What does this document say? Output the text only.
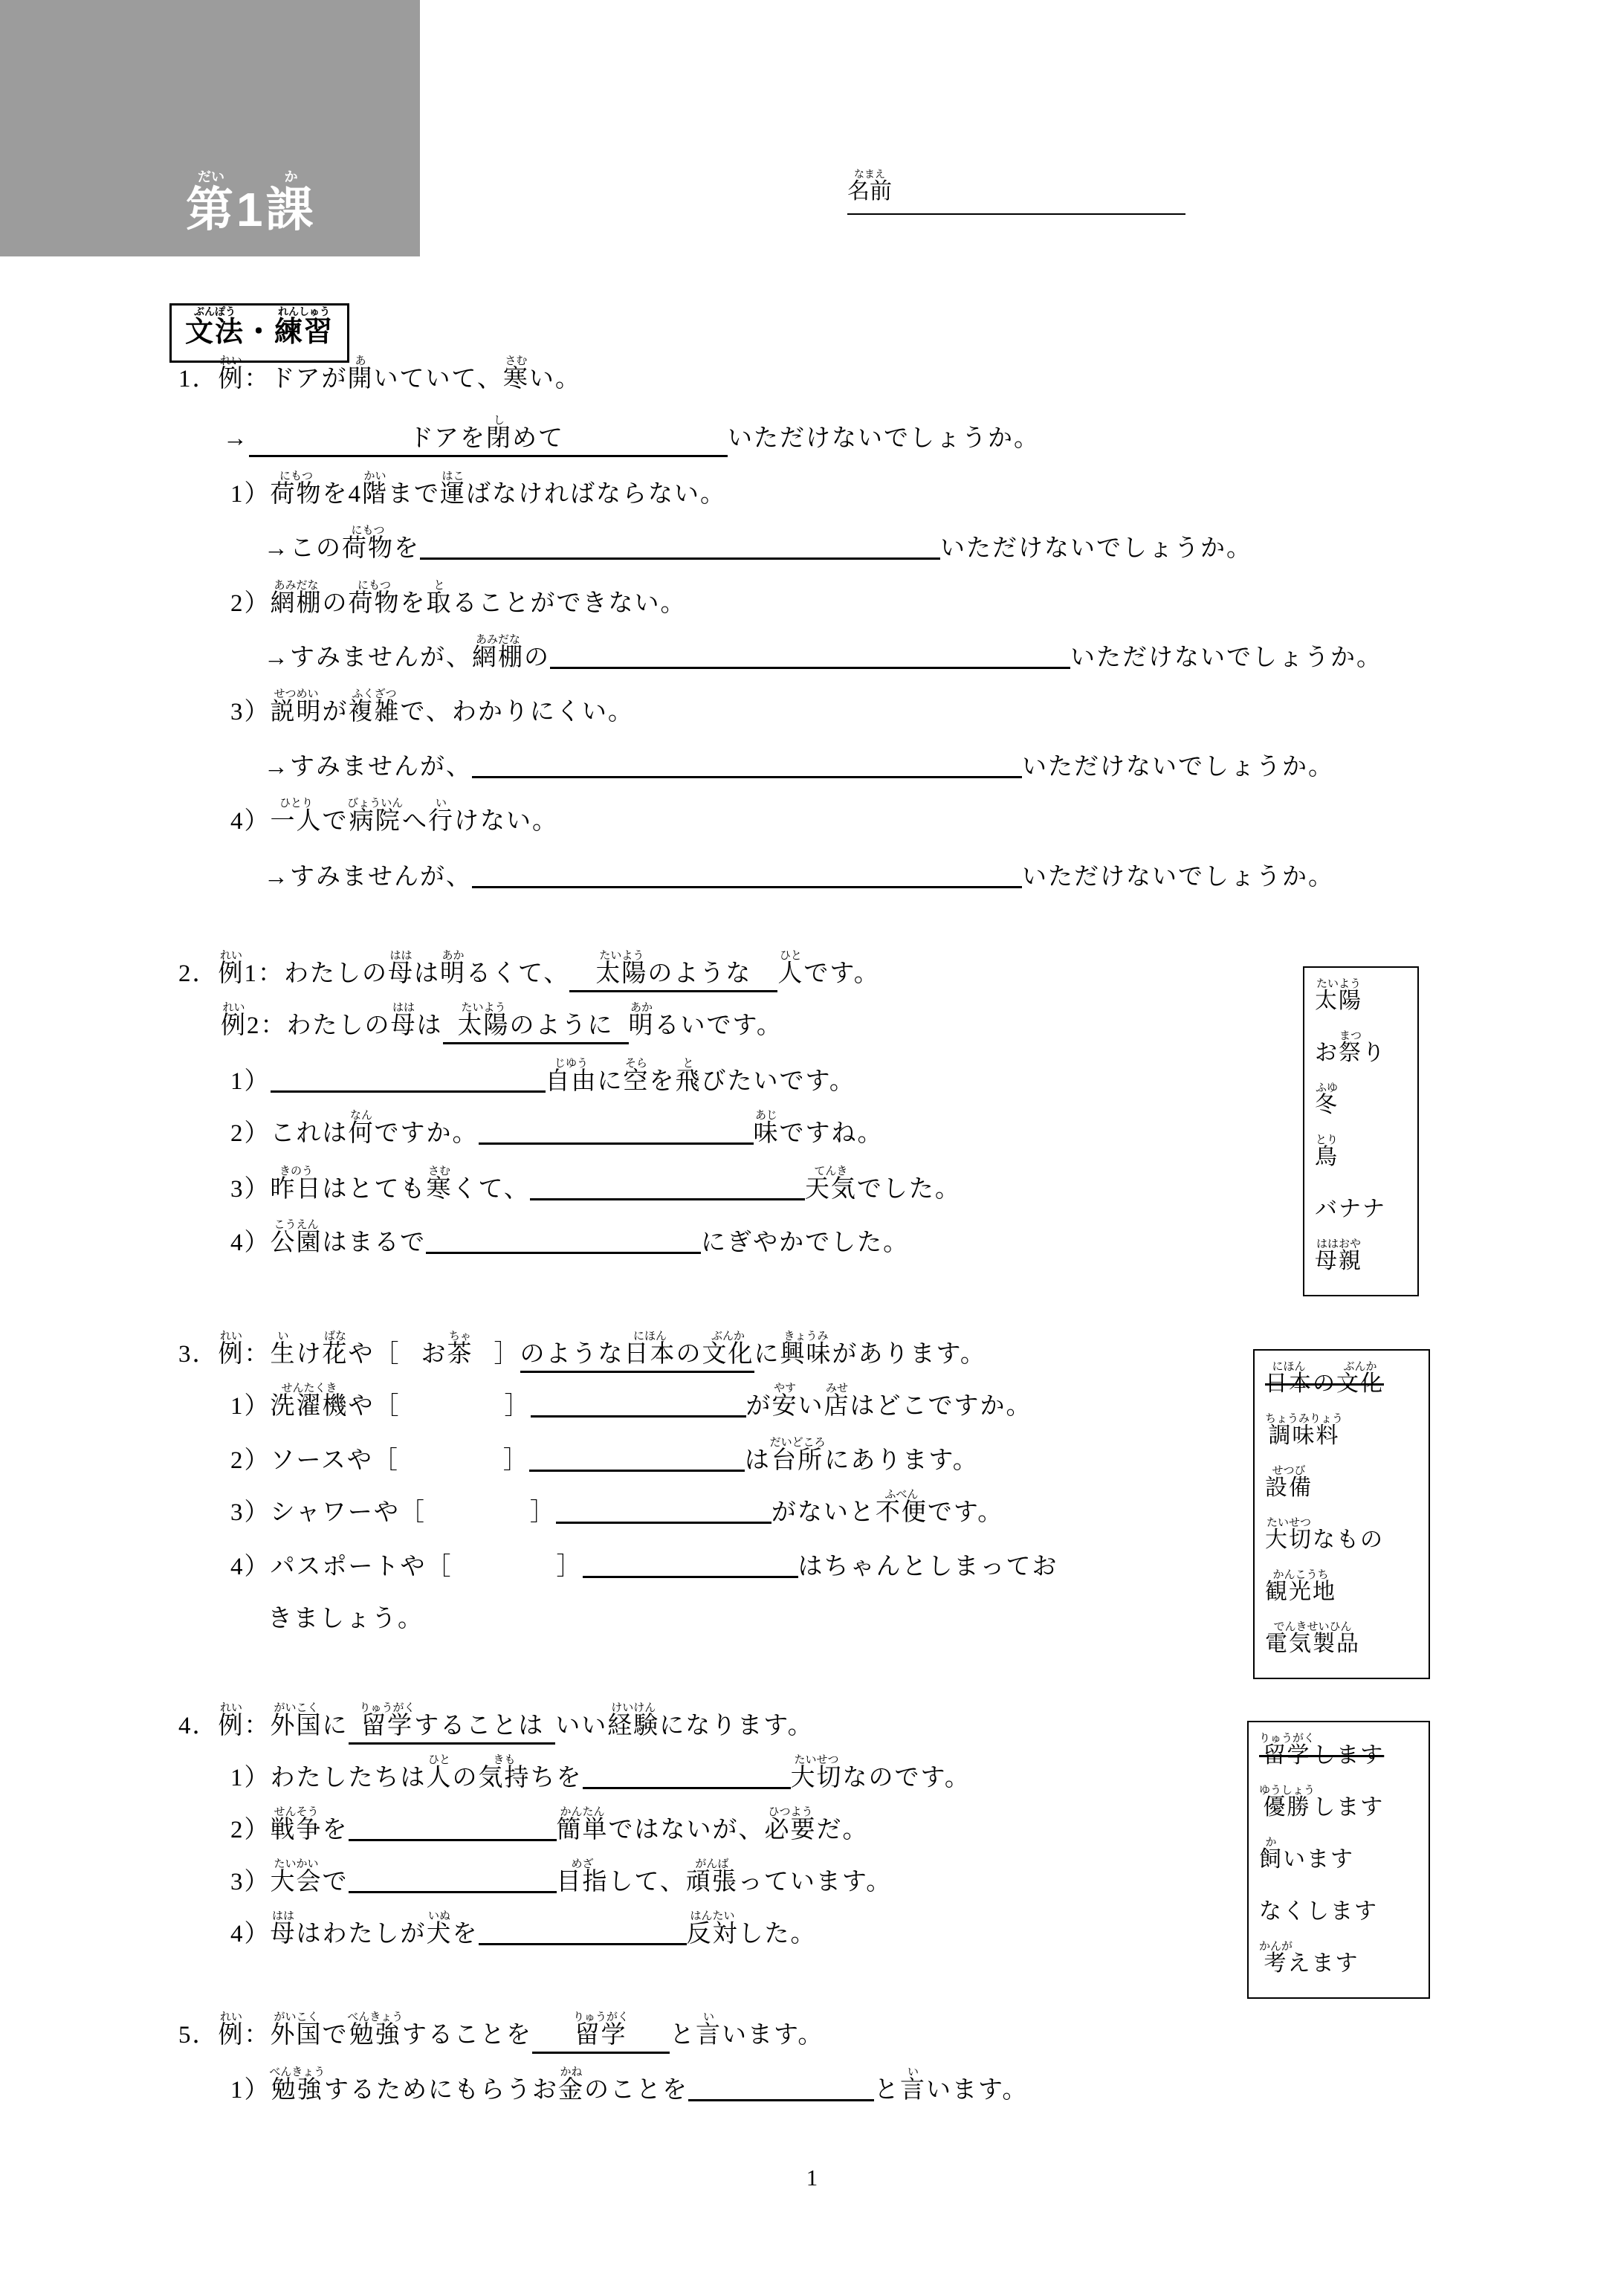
第だい1課か
名前なまえ
文法ぶんぽう・練習れんしゅう
1．例れい：ドアが開あいていて、寒さむい。
→	ドアを閉しめて	いただけないでしょうか。
1）荷物にもつを4階かいまで運はこばなければならない。
→この荷物にもつを	いただけないでしょうか。
2）網棚あみだなの荷物にもつを取とることができない。
→すみませんが、網棚あみだなの	いただけないでしょうか。
3）説明せつめいが複雑ふくざつで、わかりにくい。
→すみませんが、	いただけないでしょうか。
4）一人ひとりで病院びょういんへ行いけない。
→すみませんが、	いただけないでしょうか。
2．例れい1：わたしの母ははは明あかるくて、 太陽たいようのような 人ひとです。
例れい2：わたしの母ははは 太陽たいようのように 明あかるいです。
1）	自由じゆうに空そらを飛とびたいです。
2）これは何なんですか。	味あじですね。
3）昨日きのうはとても寒さむくて、	天気てんきでした。
4）公園こうえんはまるで	にぎやかでした。
3．例れい：生いけ花ばなや［ お茶ちゃ］のような日本にほんの文化ぶんかに興味きょうみがあります。
1）洗濯機せんたくきや［	］	が安やすい店みせはどこですか。
2）ソースや［	］	は台所だいどころにあります。
3）シャワーや［	］	がないと不便ふべんです。
4）パスポートや［	］	はちゃんとしまってお
きましょう。
4．例れい：外国がいこくに 留学りゅうがくすることは いい経験けいけんになります。
1）わたしたちは人ひとの気持きもちを	大切たいせつなのです。
2）戦争せんそうを	簡単かんたんではないが、必要ひつようだ。
3）大会たいかいで	目指めざして、頑張がんばっています。
4）母はははわたしが犬いぬを	反対はんたいした。
5．例れい：外国がいこくで勉強べんきょうすることを 留学りゅうがくと言いいます。
1）勉強べんきょうするためにもらうお金かねのことを	と言いいます。
太陽たいよう
お祭まつり
冬ふゆ
鳥とり
バナナ
母親ははおや
日本にほんの文化ぶんか
調味料ちょうみりょう
設備せつび
大切たいせつなもの
観光地かんこうち
電気製品でんきせいひん
留学りゅうがくします
優勝ゆうしょうします
飼かいます
なくします
考かんがえます
1
